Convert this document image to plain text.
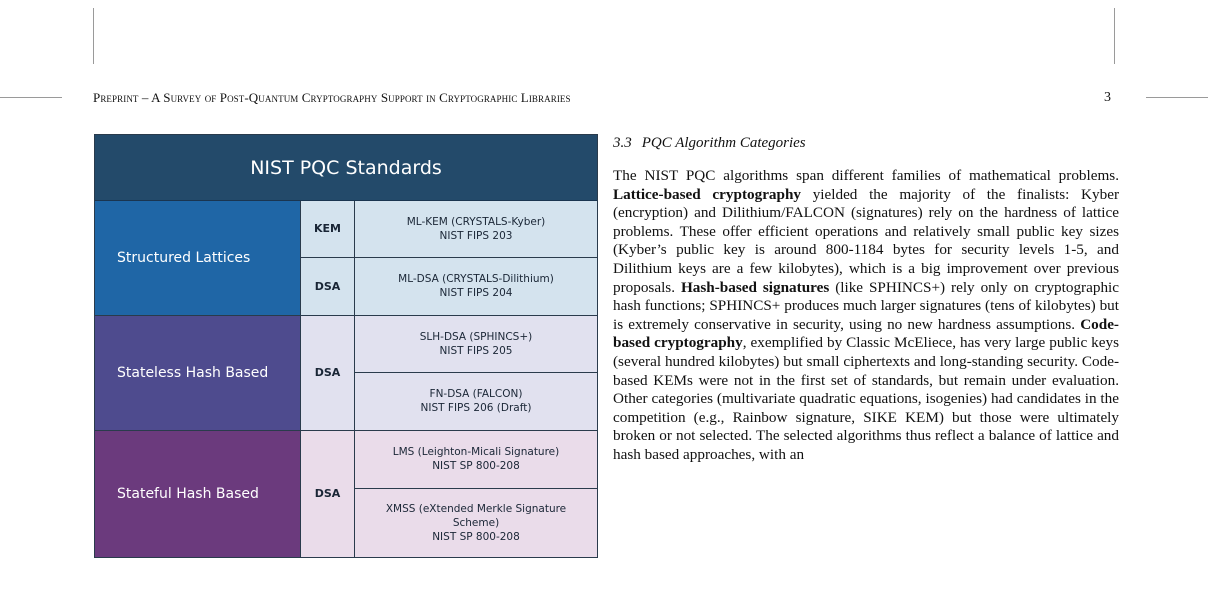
Preprint – A Survey of Post-Quantum Cryptography Support in Cryptographic Libraries	3
NIST PQC Standards
Structured Lattices
Stateless Hash Based
Stateful Hash Based
KEM
DSA
DSA
DSA
ML-KEM (CRYSTALS-Kyber)
NIST FIPS 203
ML-DSA (CRYSTALS-Dilithium)
NIST FIPS 204
SLH-DSA (SPHINCS+)
NIST FIPS 205
FN-DSA (FALCON)
NIST FIPS 206 (Draft)
LMS (Leighton-Micali Signature)
NIST SP 800-208
XMSS (eXtended Merkle Signature Scheme)
NIST SP 800-208
3.3 PQC Algorithm Categories
The NIST PQC algorithms span different families of mathematical problems. Lattice-based cryptography yielded the majority of the finalists: Kyber (encryption) and Dilithium/FALCON (signatures) rely on the hardness of lattice problems. These offer efficient operations and relatively small public key sizes (Kyber’s public key is around 800-1184 bytes for security levels 1-5, and Dilithium keys are a few kilobytes), which is a big improvement over previous proposals. Hash-based signatures (like SPHINCS+) rely only on cryptographic hash functions; SPHINCS+ produces much larger signatures (tens of kilobytes) but is extremely conservative in security, using no new hardness assumptions. Code-based cryptography, exemplified by Classic McEliece, has very large public keys (several hundred kilobytes) but small ciphertexts and long-standing security. Code-based KEMs were not in the first set of standards, but remain under evaluation. Other categories (multivariate quadratic equations, isogenies) had candidates in the competition (e.g., Rainbow signature, SIKE KEM) but those were ultimately broken or not selected. The selected algorithms thus reflect a balance of lattice and hash based approaches, with an
